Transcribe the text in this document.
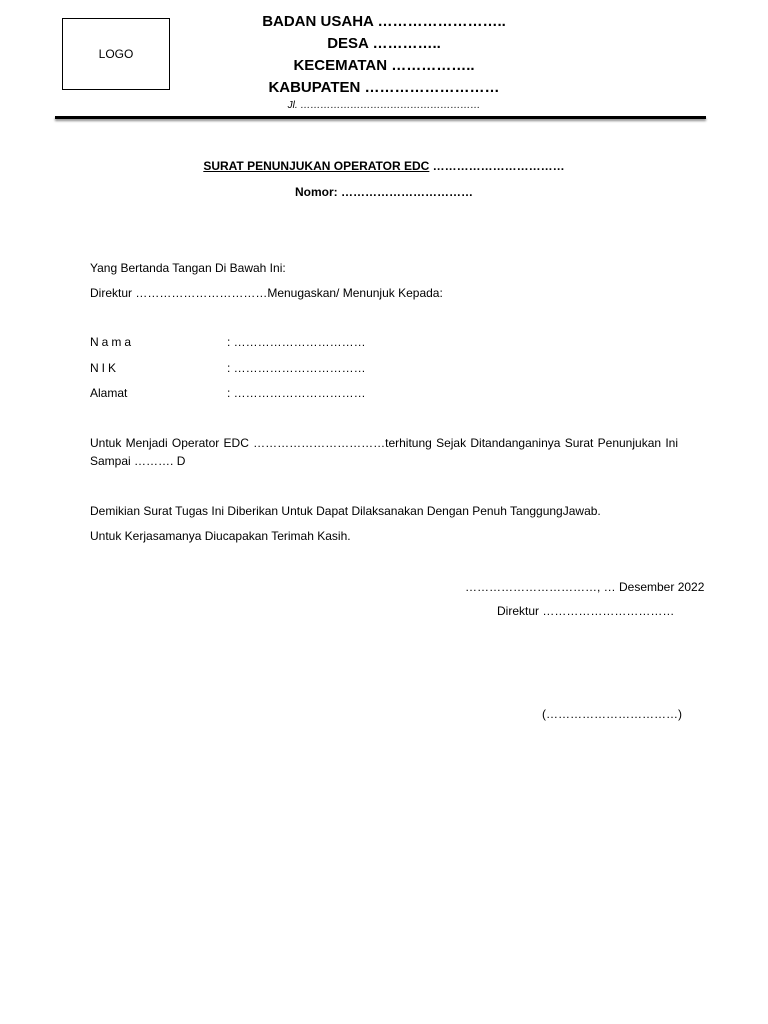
LOGO
BADAN USAHA ……………………..
DESA …………..
KECEMATAN ……………..
KABUPATEN ………………………
Jl. ………………………………………………
SURAT PENUNJUKAN OPERATOR EDC ……………………………
Nomor: ……………………………
Yang Bertanda Tangan Di Bawah Ini:
Direktur ……………………………Menugaskan/ Menunjuk Kepada:
Nama	: ……………………………
NIK	: ……………………………
Alamat	: ……………………………
Untuk Menjadi Operator EDC ……………………………terhitung Sejak Ditandanganinya Surat Penunjukan Ini Sampai ………. D
Demikian Surat Tugas Ini Diberikan Untuk Dapat Dilaksanakan Dengan Penuh TanggungJawab.
Untuk Kerjasamanya Diucapakan Terimah Kasih.
……………………………, … Desember 2022
Direktur ……………………………
(……………………………)
